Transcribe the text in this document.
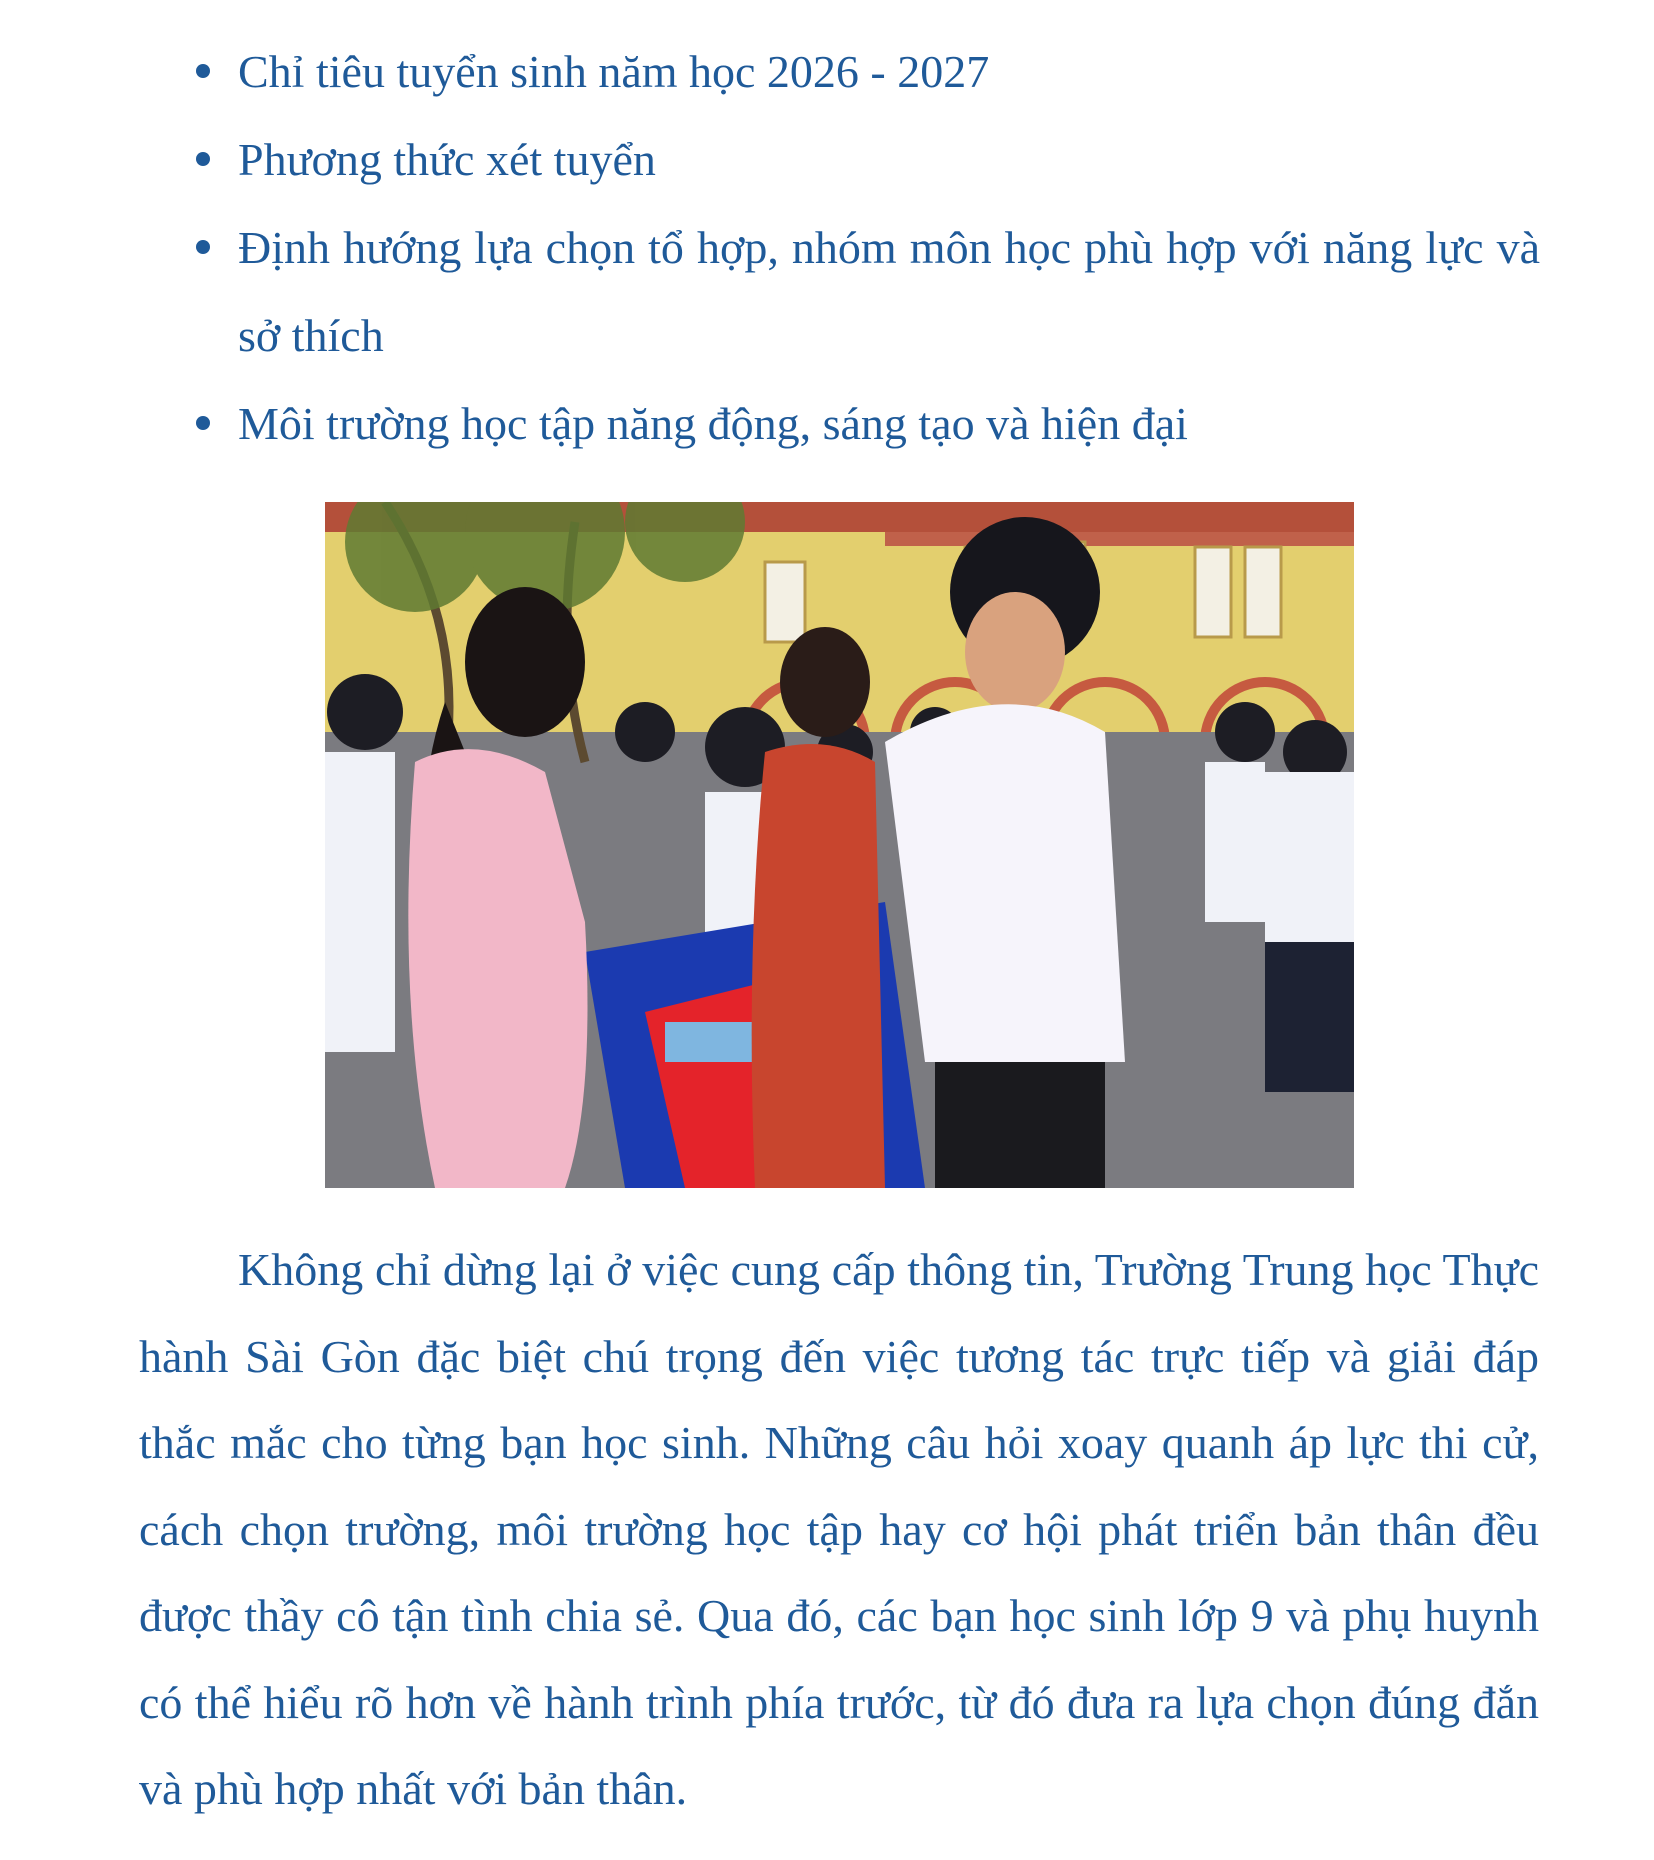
Chỉ tiêu tuyển sinh năm học 2026 - 2027
Phương thức xét tuyển
Định hướng lựa chọn tổ hợp, nhóm môn học phù hợp với năng lực và sở thích
Môi trường học tập năng động, sáng tạo và hiện đại

Không chỉ dừng lại ở việc cung cấp thông tin, Trường Trung học Thực hành Sài Gòn đặc biệt chú trọng đến việc tương tác trực tiếp và giải đáp thắc mắc cho từng bạn học sinh. Những câu hỏi xoay quanh áp lực thi cử, cách chọn trường, môi trường học tập hay cơ hội phát triển bản thân đều được thầy cô tận tình chia sẻ. Qua đó, các bạn học sinh lớp 9 và phụ huynh có thể hiểu rõ hơn về hành trình phía trước, từ đó đưa ra lựa chọn đúng đắn và phù hợp nhất với bản thân.
